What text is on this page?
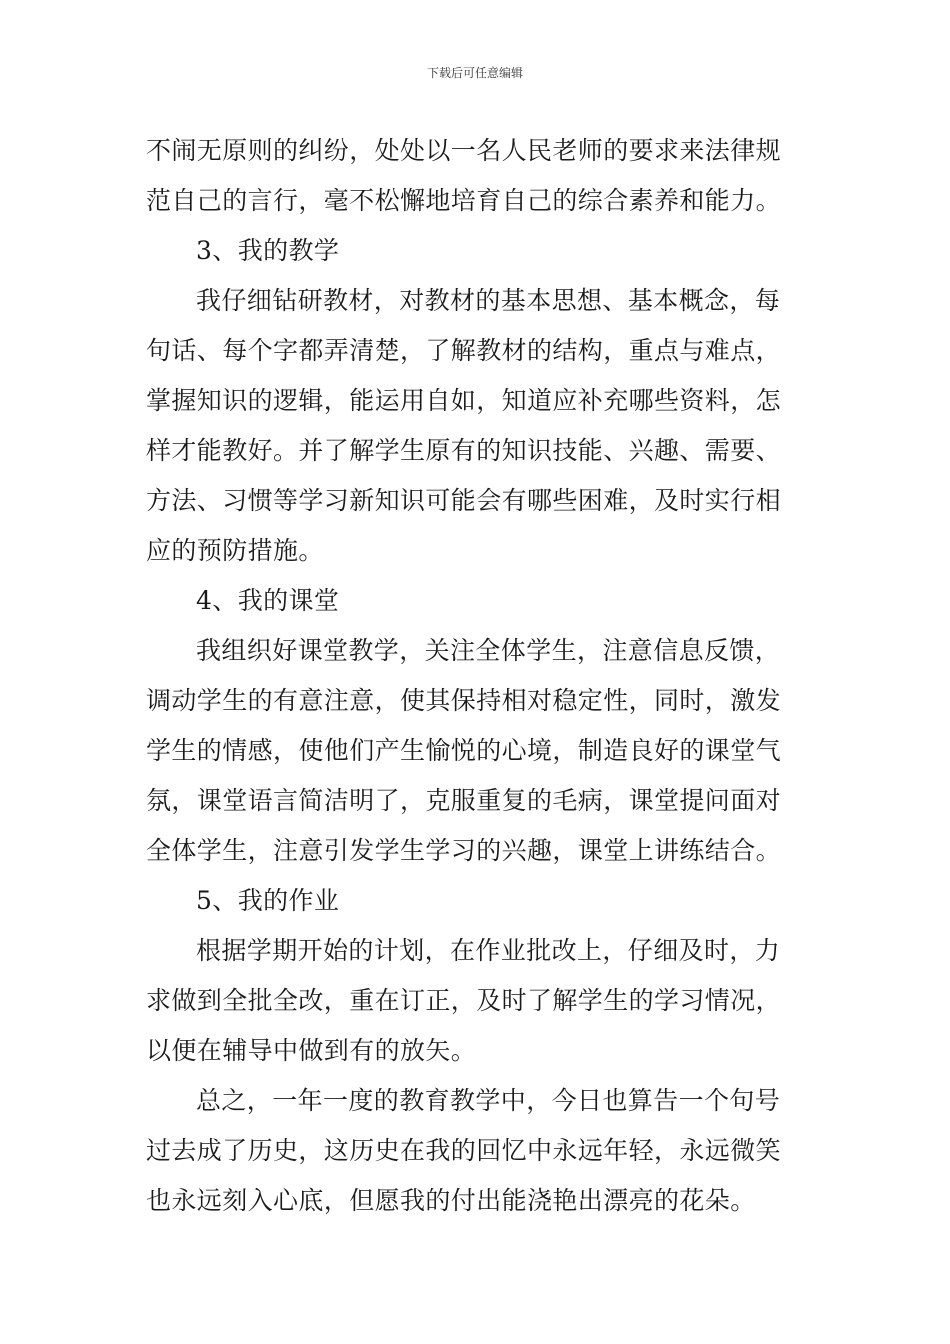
下载后可任意编辑
不闹无原则的纠纷，处处以一名人民老师的要求来法律规
范自己的言行，毫不松懈地培育自己的综合素养和能力。
3、我的教学
我仔细钻研教材，对教材的基本思想、基本概念，每
句话、每个字都弄清楚，了解教材的结构，重点与难点，
掌握知识的逻辑，能运用自如，知道应补充哪些资料，怎
样才能教好。并了解学生原有的知识技能、兴趣、需要、
方法、习惯等学习新知识可能会有哪些困难，及时实行相
应的预防措施。
4、我的课堂
我组织好课堂教学，关注全体学生，注意信息反馈，
调动学生的有意注意，使其保持相对稳定性，同时，激发
学生的情感，使他们产生愉悦的心境，制造良好的课堂气
氛，课堂语言简洁明了，克服重复的毛病，课堂提问面对
全体学生，注意引发学生学习的兴趣，课堂上讲练结合。
5、我的作业
根据学期开始的计划，在作业批改上，仔细及时，力
求做到全批全改，重在订正，及时了解学生的学习情况，
以便在辅导中做到有的放矢。
总之，一年一度的教育教学中，今日也算告一个句号
过去成了历史，这历史在我的回忆中永远年轻，永远微笑
也永远刻入心底，但愿我的付出能浇艳出漂亮的花朵。
